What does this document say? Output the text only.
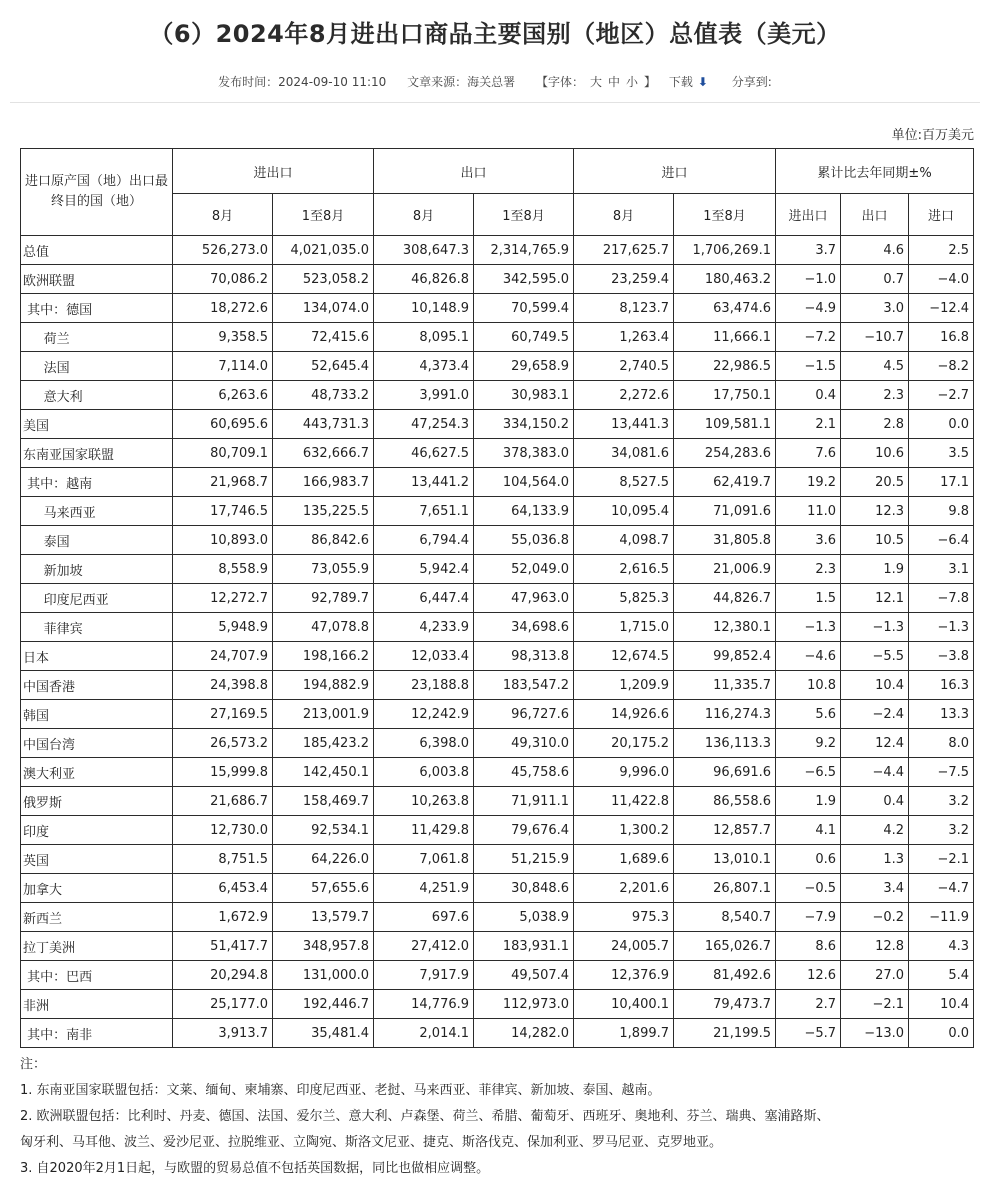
（6）2024年8月进出口商品主要国别（地区）总值表（美元）
发布时间：2024-09-10 11:10 文章来源：海关总署 【字体： 大 中 小 】 下载 ⬇ 分享到:
单位:百万美元
进口原产国（地）出口最终目的国（地）	进出口		出口		进口		累计比去年同期±%		
	8月	1至8月	8月	1至8月	8月	1至8月	进出口	出口	进口
总值	526,273.0	4,021,035.0	308,647.3	2,314,765.9	217,625.7	1,706,269.1	3.7	4.6	2.5
欧洲联盟	70,086.2	523,058.2	46,826.8	342,595.0	23,259.4	180,463.2	−1.0	0.7	−4.0
其中：德国	18,272.6	134,074.0	10,148.9	70,599.4	8,123.7	63,474.6	−4.9	3.0	−12.4
荷兰	9,358.5	72,415.6	8,095.1	60,749.5	1,263.4	11,666.1	−7.2	−10.7	16.8
法国	7,114.0	52,645.4	4,373.4	29,658.9	2,740.5	22,986.5	−1.5	4.5	−8.2
意大利	6,263.6	48,733.2	3,991.0	30,983.1	2,272.6	17,750.1	0.4	2.3	−2.7
美国	60,695.6	443,731.3	47,254.3	334,150.2	13,441.3	109,581.1	2.1	2.8	0.0
东南亚国家联盟	80,709.1	632,666.7	46,627.5	378,383.0	34,081.6	254,283.6	7.6	10.6	3.5
其中：越南	21,968.7	166,983.7	13,441.2	104,564.0	8,527.5	62,419.7	19.2	20.5	17.1
马来西亚	17,746.5	135,225.5	7,651.1	64,133.9	10,095.4	71,091.6	11.0	12.3	9.8
泰国	10,893.0	86,842.6	6,794.4	55,036.8	4,098.7	31,805.8	3.6	10.5	−6.4
新加坡	8,558.9	73,055.9	5,942.4	52,049.0	2,616.5	21,006.9	2.3	1.9	3.1
印度尼西亚	12,272.7	92,789.7	6,447.4	47,963.0	5,825.3	44,826.7	1.5	12.1	−7.8
菲律宾	5,948.9	47,078.8	4,233.9	34,698.6	1,715.0	12,380.1	−1.3	−1.3	−1.3
日本	24,707.9	198,166.2	12,033.4	98,313.8	12,674.5	99,852.4	−4.6	−5.5	−3.8
中国香港	24,398.8	194,882.9	23,188.8	183,547.2	1,209.9	11,335.7	10.8	10.4	16.3
韩国	27,169.5	213,001.9	12,242.9	96,727.6	14,926.6	116,274.3	5.6	−2.4	13.3
中国台湾	26,573.2	185,423.2	6,398.0	49,310.0	20,175.2	136,113.3	9.2	12.4	8.0
澳大利亚	15,999.8	142,450.1	6,003.8	45,758.6	9,996.0	96,691.6	−6.5	−4.4	−7.5
俄罗斯	21,686.7	158,469.7	10,263.8	71,911.1	11,422.8	86,558.6	1.9	0.4	3.2
印度	12,730.0	92,534.1	11,429.8	79,676.4	1,300.2	12,857.7	4.1	4.2	3.2
英国	8,751.5	64,226.0	7,061.8	51,215.9	1,689.6	13,010.1	0.6	1.3	−2.1
加拿大	6,453.4	57,655.6	4,251.9	30,848.6	2,201.6	26,807.1	−0.5	3.4	−4.7
新西兰	1,672.9	13,579.7	697.6	5,038.9	975.3	8,540.7	−7.9	−0.2	−11.9
拉丁美洲	51,417.7	348,957.8	27,412.0	183,931.1	24,005.7	165,026.7	8.6	12.8	4.3
其中：巴西	20,294.8	131,000.0	7,917.9	49,507.4	12,376.9	81,492.6	12.6	27.0	5.4
非洲	25,177.0	192,446.7	14,776.9	112,973.0	10,400.1	79,473.7	2.7	−2.1	10.4
其中：南非	3,913.7	35,481.4	2,014.1	14,282.0	1,899.7	21,199.5	−5.7	−13.0	0.0
注：
1. 东南亚国家联盟包括：文莱、缅甸、柬埔寨、印度尼西亚、老挝、马来西亚、菲律宾、新加坡、泰国、越南。
2. 欧洲联盟包括：比利时、丹麦、德国、法国、爱尔兰、意大利、卢森堡、荷兰、希腊、葡萄牙、西班牙、奥地利、芬兰、瑞典、塞浦路斯、
匈牙利、马耳他、波兰、爱沙尼亚、拉脱维亚、立陶宛、斯洛文尼亚、捷克、斯洛伐克、保加利亚、罗马尼亚、克罗地亚。
3. 自2020年2月1日起，与欧盟的贸易总值不包括英国数据，同比也做相应调整。
